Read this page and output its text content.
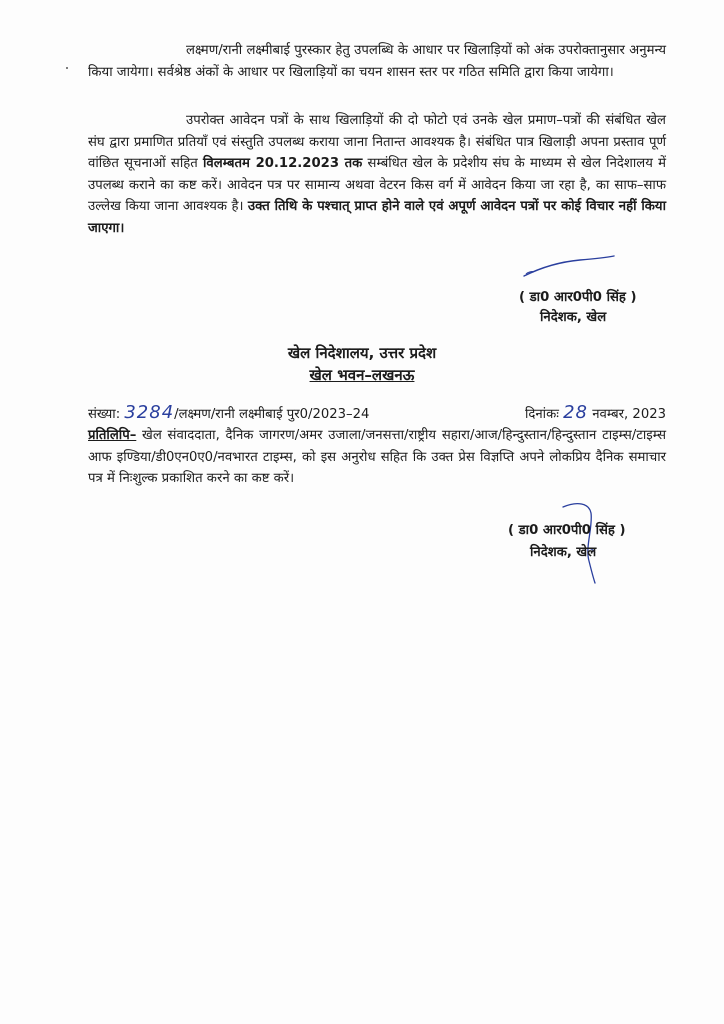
लक्ष्मण/रानी लक्ष्मीबाई पुरस्कार हेतु उपलब्धि के आधार पर खिलाड़ियों को अंक उपरोक्तानुसार अनुमन्य किया जायेगा। सर्वश्रेष्ठ अंकों के आधार पर खिलाड़ियों का चयन शासन स्तर पर गठित समिति द्वारा किया जायेगा।
उपरोक्त आवेदन पत्रों के साथ खिलाड़ियों की दो फोटो एवं उनके खेल प्रमाण–पत्रों की संबंधित खेल संघ द्वारा प्रमाणित प्रतियाँ एवं संस्तुति उपलब्ध कराया जाना नितान्त आवश्यक है। संबंधित पात्र खिलाड़ी अपना प्रस्ताव पूर्ण वांछित सूचनाओं सहित विलम्बतम 20.12.2023 तक सम्बंधित खेल के प्रदेशीय संघ के माध्यम से खेल निदेशालय में उपलब्ध कराने का कष्ट करें। आवेदन पत्र पर सामान्य अथवा वेटरन किस वर्ग में आवेदन किया जा रहा है, का साफ–साफ उल्लेख किया जाना आवश्यक है। उक्त तिथि के पश्चात् प्राप्त होने वाले एवं अपूर्ण आवेदन पत्रों पर कोई विचार नहीं किया जाएगा।
( डा0 आर0पी0 सिंह )
निदेशक, खेल
खेल निदेशालय, उत्तर प्रदेश
खेल भवन–लखनऊ
संख्या: 3284/लक्ष्मण/रानी लक्ष्मीबाई पुर0/2023–24	दिनांकः 28 नवम्बर, 2023
प्रतिलिपि– खेल संवाददाता, दैनिक जागरण/अमर उजाला/जनसत्ता/राष्ट्रीय सहारा/आज/हिन्दुस्तान/हिन्दुस्तान टाइम्स/टाइम्स आफ इण्डिया/डी0एन0ए0/नवभारत टाइम्स, को इस अनुरोध सहित कि उक्त प्रेस विज्ञप्ति अपने लोकप्रिय दैनिक समाचार पत्र में निःशुल्क प्रकाशित करने का कष्ट करें।
( डा0 आर0पी0 सिंह )
निदेशक, खेल
